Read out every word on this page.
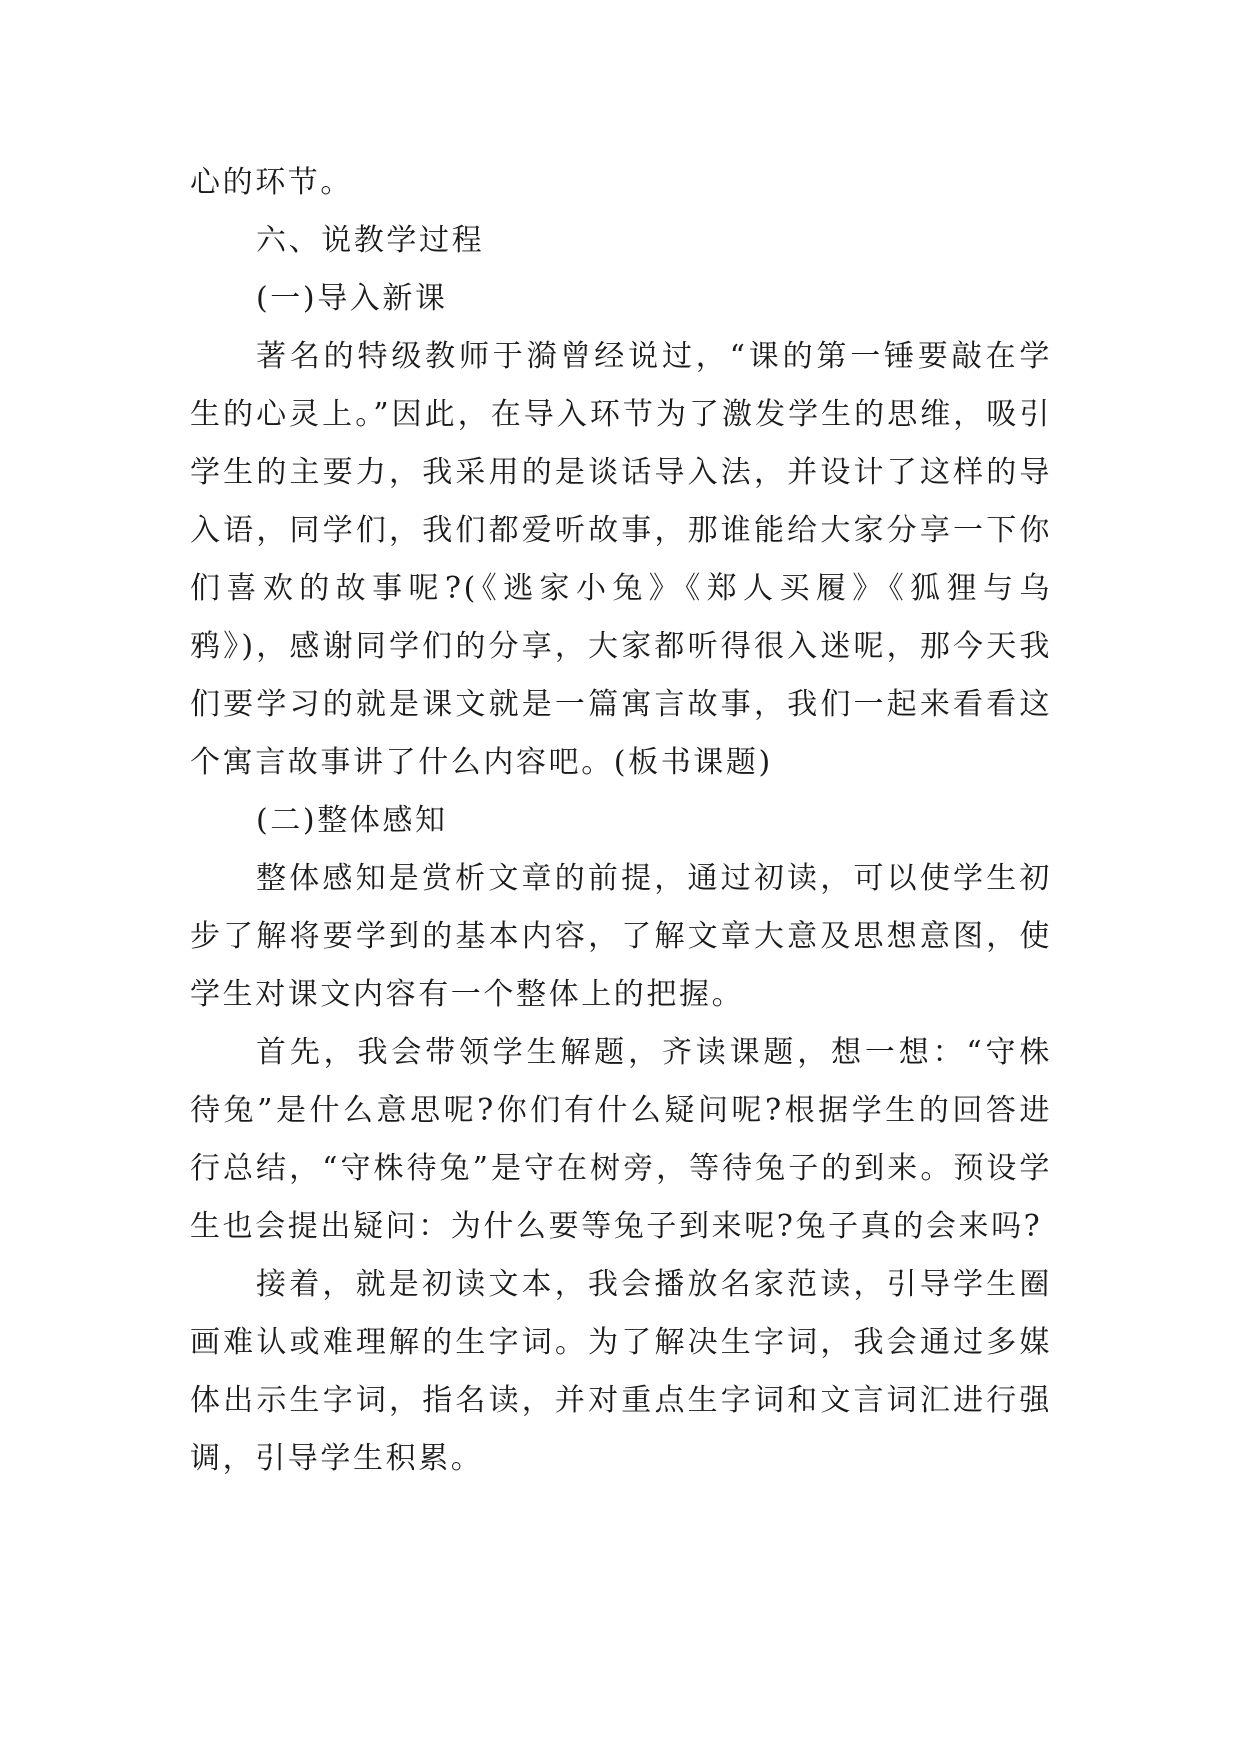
心的环节。

六、说教学过程

(一)导入新课

著名的特级教师于漪曾经说过，“课的第一锤要敲在学生的心灵上。”因此，在导入环节为了激发学生的思维，吸引学生的主要力，我采用的是谈话导入法，并设计了这样的导入语，同学们，我们都爱听故事，那谁能给大家分享一下你们喜欢的故事呢?(《逃家小兔》《郑人买履》《狐狸与乌鸦》)，感谢同学们的分享，大家都听得很入迷呢，那今天我们要学习的就是课文就是一篇寓言故事，我们一起来看看这个寓言故事讲了什么内容吧。(板书课题)

(二)整体感知

整体感知是赏析文章的前提，通过初读，可以使学生初步了解将要学到的基本内容，了解文章大意及思想意图，使学生对课文内容有一个整体上的把握。

首先，我会带领学生解题，齐读课题，想一想：“守株待兔”是什么意思呢?你们有什么疑问呢?根据学生的回答进行总结，“守株待兔”是守在树旁，等待兔子的到来。预设学生也会提出疑问：为什么要等兔子到来呢?兔子真的会来吗?

接着，就是初读文本，我会播放名家范读，引导学生圈画难认或难理解的生字词。为了解决生字词，我会通过多媒体出示生字词，指名读，并对重点生字词和文言词汇进行强调，引导学生积累。
